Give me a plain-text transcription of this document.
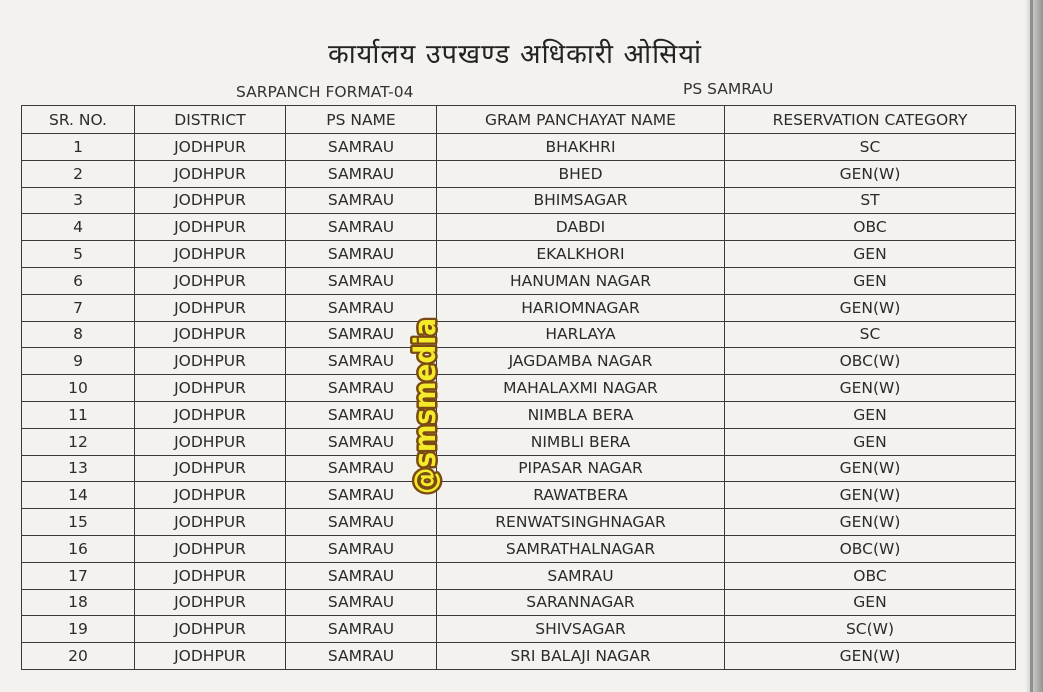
कार्यालय उपखण्ड अधिकारी ओसियां
SARPANCH FORMAT-04	PS SAMRAU
SR. NO.	DISTRICT	PS NAME	GRAM PANCHAYAT NAME	RESERVATION CATEGORY
1	JODHPUR	SAMRAU	BHAKHRI	SC
2	JODHPUR	SAMRAU	BHED	GEN(W)
3	JODHPUR	SAMRAU	BHIMSAGAR	ST
4	JODHPUR	SAMRAU	DABDI	OBC
5	JODHPUR	SAMRAU	EKALKHORI	GEN
6	JODHPUR	SAMRAU	HANUMAN NAGAR	GEN
7	JODHPUR	SAMRAU	HARIOMNAGAR	GEN(W)
8	JODHPUR	SAMRAU	HARLAYA	SC
9	JODHPUR	SAMRAU	JAGDAMBA NAGAR	OBC(W)
10	JODHPUR	SAMRAU	MAHALAXMI NAGAR	GEN(W)
11	JODHPUR	SAMRAU	NIMBLA BERA	GEN
12	JODHPUR	SAMRAU	NIMBLI BERA	GEN
13	JODHPUR	SAMRAU	PIPASAR NAGAR	GEN(W)
14	JODHPUR	SAMRAU	RAWATBERA	GEN(W)
15	JODHPUR	SAMRAU	RENWATSINGHNAGAR	GEN(W)
16	JODHPUR	SAMRAU	SAMRATHALNAGAR	OBC(W)
17	JODHPUR	SAMRAU	SAMRAU	OBC
18	JODHPUR	SAMRAU	SARANNAGAR	GEN
19	JODHPUR	SAMRAU	SHIVSAGAR	SC(W)
20	JODHPUR	SAMRAU	SRI BALAJI NAGAR	GEN(W)
@smsmedia
